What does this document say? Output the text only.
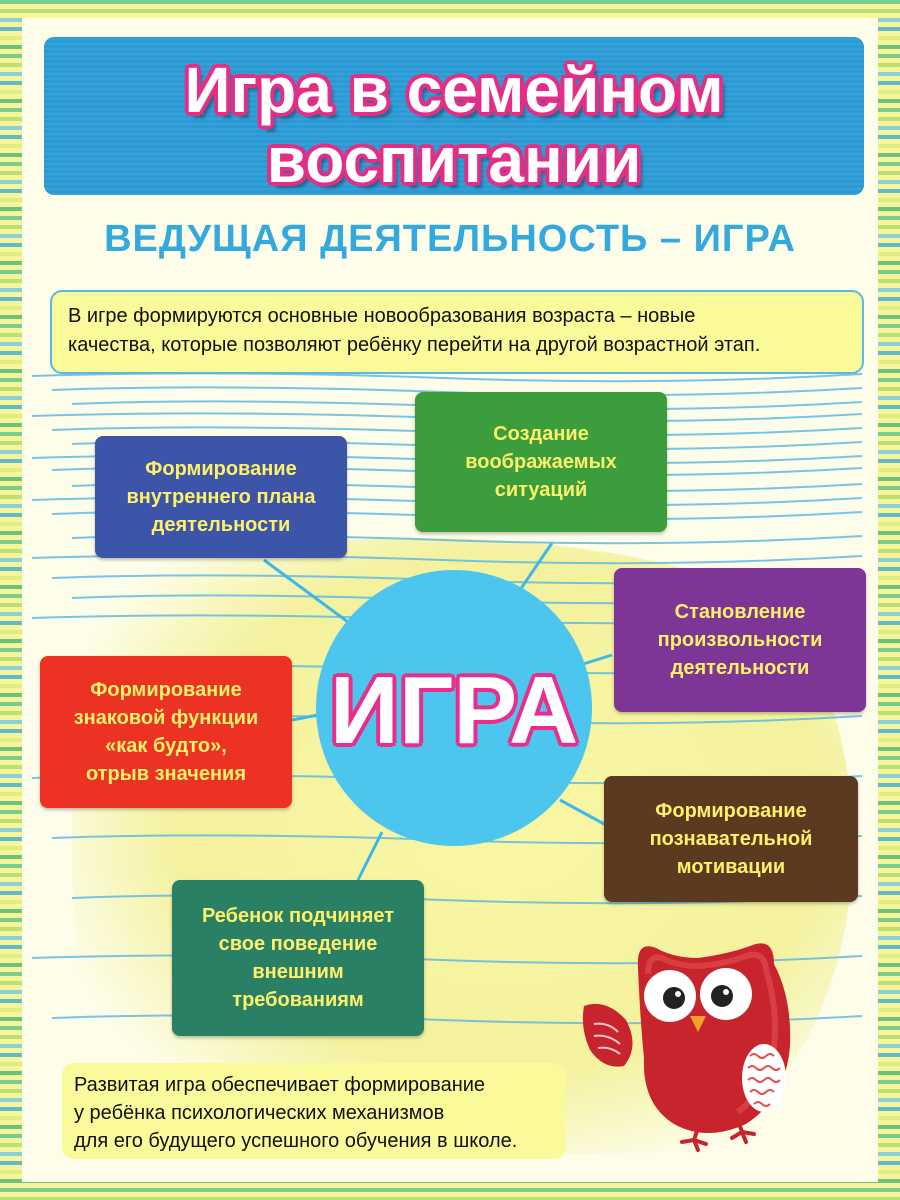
Игра в семейном
воспитании
ВЕДУЩАЯ ДЕЯТЕЛЬНОСТЬ – ИГРА
В игре формируются основные новообразования возраста – новые
качества, которые позволяют ребёнку перейти на другой возрастной этап.
ИГРА
Формирование
внутреннего плана
деятельности
Создание
воображаемых
ситуаций
Становление
произвольности
деятельности
Формирование
знаковой функции
«как будто»,
отрыв значения
Формирование
познавательной
мотивации
Ребенок подчиняет
свое поведение
внешним
требованиям
Развитая игра обеспечивает формирование
у ребёнка психологических механизмов
для его будущего успешного обучения в школе.
